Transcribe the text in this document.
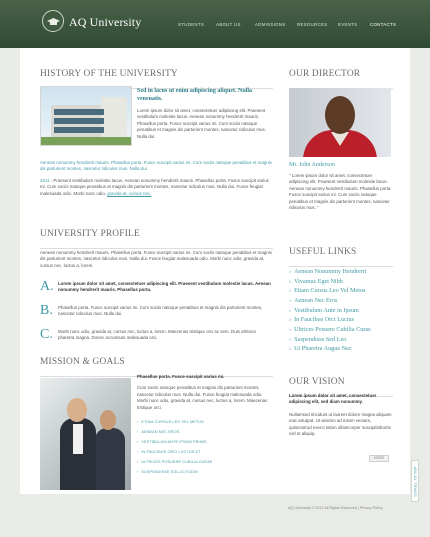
AQ University	STUDENTS	ABOUT US	ADMISSIONS	RESOURCES EVENTS	CONTACTS
HISTORY OF THE UNIVERSITY

Sed in lacus ut enim adipiscing aliquet. Nulla venenatis.

Lorem ipsum dolor sit amet, consectetuer adipiscing elit. Praesent vestibulum molestie lacus. Aenean nonummy hendrerit mauris. Phasellus porta. Fusce suscipit varius mi. Cum sociis natoque penatibus et magnis dis parturient montes, nascetur ridiculus mus. Nulla dui.

Aenean nonummy hendrerit mauris. Phasellus porta. Fusce suscipit varius mi. Cum sociis natoque penatibus et magnis dis parturient montes, nascetur ridiculus mus. Nulla dui.

2011 - Praesent vestibulum molestie lacus. Aenean nonummy hendrerit mauris. Phasellus porta. Fusce suscipit varius mi. Cum sociis natoque penatibus et magnis dis parturient montes, nascetur ridiculus mus. Nulla dui. Fusce feugiat malesuada odio. Morbi nunc odio, gravida at, cursus nec.

UNIVERSITY PROFILE

Aenean nonummy hendrerit mauris. Phasellus porta. Fusce suscipit varius mi. Cum sociis natoque penatibus et magnis dis parturient montes, nascetur ridiculus mus. Nulla dui. Fusce feugiat malesuada odio. Morbi nunc odio, gravida at, cursus nec, luctus a, lorem.

A. Lorem ipsum dolor sit amet, consectetuer adipiscing elit. Praesent vestibulum molestie lacus. Aenean nonummy hendrerit mauris. Phasellus porta.

B. Phasellus porta. Fusce suscipit varius mi. Cum sociis natoque penatibus et magnis dis parturient montes, nascetur ridiculus mus. Nulla dui.

C. Morbi nunc odio, gravida at, cursus nec, luctus a, lorem. Maecenas tristique orci ac sem. Duis ultricies pharetra magna. Donec accumsan malesuada orci.

MISSION & GOALS

Phasellus porta. Fusce suscipit varius mi.

Cum sociis natoque penatibus et magnis dis parturient montes, nascetur ridiculus mus. Nulla dui. Fusce feugiat malesuada odio. Morbi nunc odio, gravida at, cursus nec, luctus a, lorem. Maecenas tristique orci.

› ETIAM CURSUS LEO VEL METUS
› AENEAN NEC EROS
› VESTIBULUM ANTE IPSUM PRIMIS
› IN FAUCIBUS ORCI LUCTUS ET
› ULTRICES POSUERE CUBILIA CURAE
› SUSPENDISSE SOLLICITUDIN
OUR DIRECTOR
Mr. John Anderson

" Lorem ipsum dolor sit amet, consectetuer adipiscing elit. Praesent vestibulum molestie lacus. Aenean nonummy hendrerit mauris. Phasellus porta. Fusce suscipit varius mi. Cum sociis natoque penatibus et magnis dis parturient montes, nascetur ridiculus mus. "

USEFUL LINKS
› Aenean Nonummy Hendrerit
› Vivamus Eget Nibh
› Etiam Cursus Leo Vel Metus
› Aenean Nec Eros
› Vestibulum Ante in Ipsum
› In Faucibus Orci Luctus
› Ultrices Posuere Cubilia Curae
› Suspendisse Sed Leo
› Ut Pharetra Augue Nec
OUR VISION

Lorem ipsum dolor sit amet, consectetuer adipiscing elit, sed diam nonummy.

Nullamsed tincidunt ut laoreet dolore magna aliquam erat volutpat. Ut wisinim ad minim veniam, quisnostrud exerci tation ullamcorper suscipitlobortis nisl ut aliquip.

MORE
SCROLL TO TOP
AQ University © 2012 All Rights Reserved | Privacy Policy
